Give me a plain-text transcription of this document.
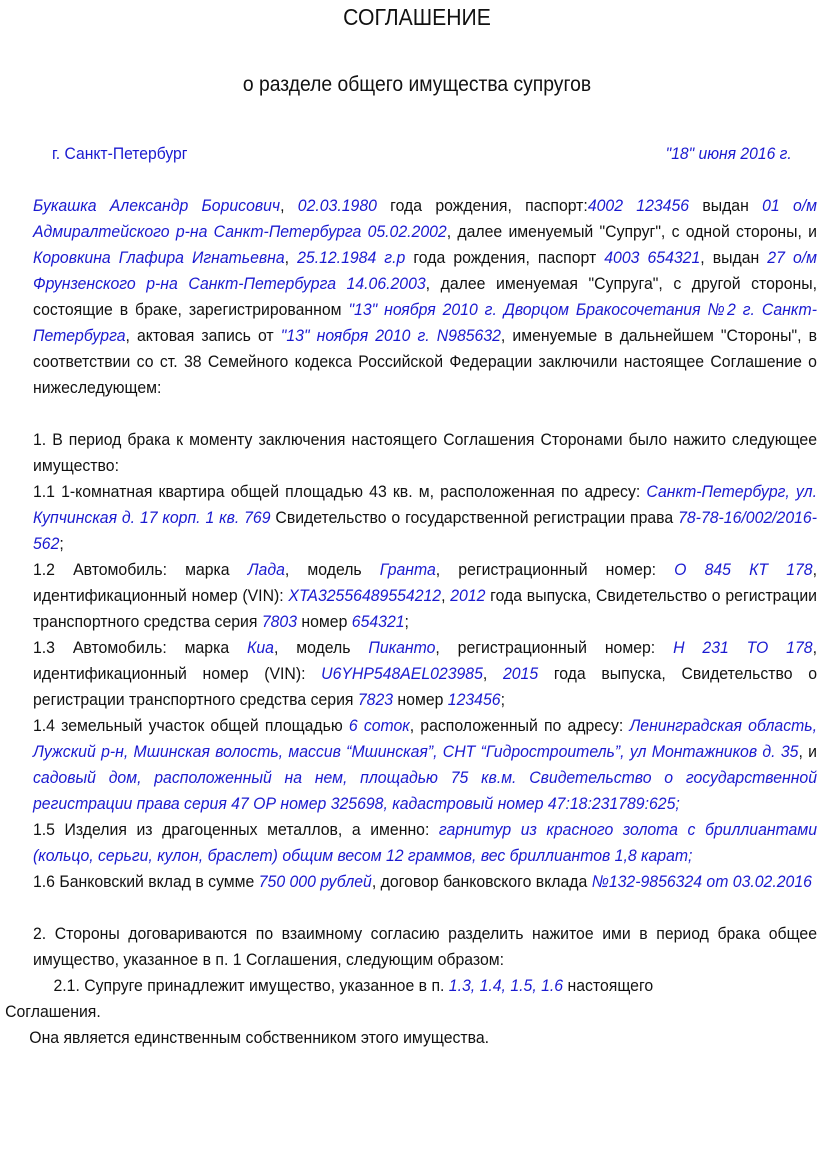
СОГЛАШЕНИЕ
о разделе общего имущества супругов
г. Санкт-Петербург	"18" июня 2016 г.

Букашка Александр Борисович, 02.03.1980 года рождения, паспорт:4002 123456 выдан 01 о/м Адмиралтейского р-на Санкт-Петербурга 05.02.2002, далее именуемый "Супруг", с одной стороны, и Коровкина Глафира Игнатьевна, 25.12.1984 г.р года рождения, паспорт 4003 654321, выдан 27 о/м Фрунзенского р-на Санкт-Петербурга 14.06.2003, далее именуемая "Супруга", с другой стороны, состоящие в браке, зарегистрированном "13" ноября 2010 г. Дворцом Бракосочетания №2 г. Санкт-Петербурга, актовая запись от "13" ноября 2010 г. N985632, именуемые в дальнейшем "Стороны", в соответствии со ст. 38 Семейного кодекса Российской Федерации заключили настоящее Соглашение о нижеследующем:

1. В период брака к моменту заключения настоящего Соглашения Сторонами было нажито следующее имущество:

1.1 1-комнатная квартира общей площадью 43 кв. м, расположенная по адресу: Санкт-Петербург, ул. Купчинская д. 17 корп. 1 кв. 769 Свидетельство о государственной регистрации права 78-78-16/002/2016-562;

1.2 Автомобиль: марка Лада, модель Гранта, регистрационный номер: О 845 КТ 178, идентификационный номер (VIN): XTA32556489554212, 2012 года выпуска, Свидетельство о регистрации транспортного средства серия 7803 номер 654321;

1.3 Автомобиль: марка Киа, модель Пиканто, регистрационный номер: Н 231 ТО 178, идентификационный номер (VIN): U6YHP548AEL023985, 2015 года выпуска, Свидетельство о регистрации транспортного средства серия 7823 номер 123456;

1.4 земельный участок общей площадью 6 соток, расположенный по адресу: Ленинградская область, Лужский р-н, Мшинская волость, массив “Мшинская”, СНТ “Гидростроитель”, ул Монтажников д. 35, и садовый дом, расположенный на нем, площадью 75 кв.м. Свидетельство о государственной регистрации права серия 47 ОР номер 325698, кадастровый номер 47:18:231789:625;

1.5 Изделия из драгоценных металлов, а именно: гарнитур из красного золота с бриллиантами (кольцо, серьги, кулон, браслет) общим весом 12 граммов, вес бриллиантов 1,8 карат;

1.6 Банковский вклад в сумме 750 000 рублей, договор банковского вклада №132-9856324 от 03.02.2016

2. Стороны договариваются по взаимному согласию разделить нажитое ими в период брака общее имущество, указанное в п. 1 Соглашения, следующим образом:

2.1. Супруге принадлежит имущество, указанное в п. 1.3, 1.4, 1.5, 1.6 настоящего

Соглашения.

Она является единственным собственником этого имущества.
